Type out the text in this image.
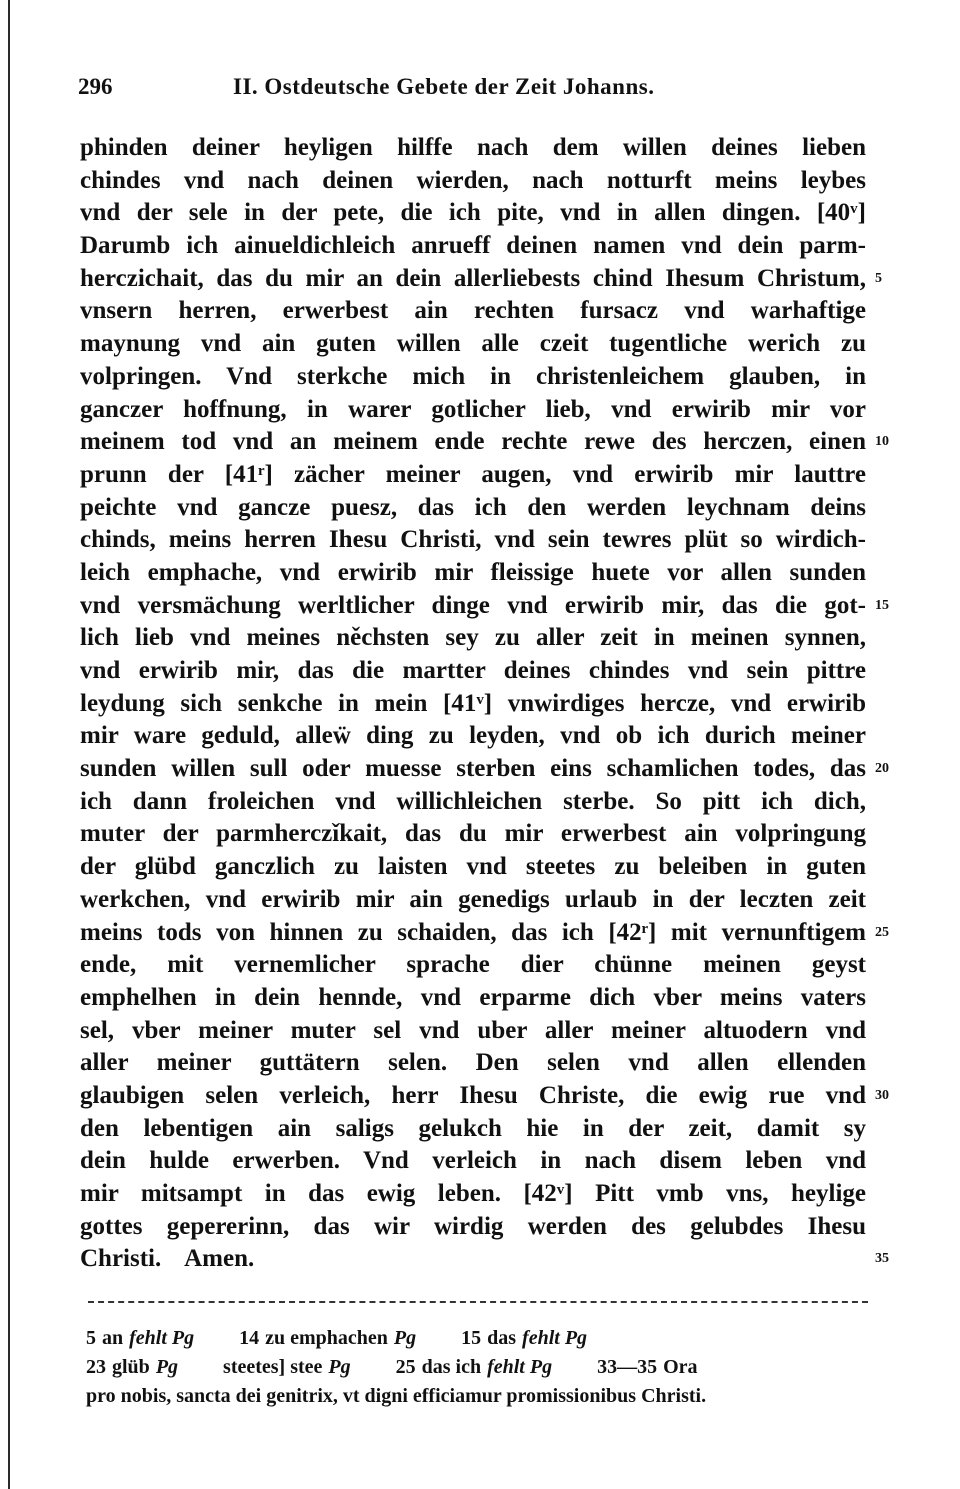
296	II. Ostdeutsche Gebete der Zeit Johanns.
phinden deiner heyligen hilffe nach dem willen deines lieben
chindes vnd nach deinen wierden, nach notturft meins leybes
vnd der sele in der pete, die ich pite, vnd in allen dingen. [40ᵛ]
Darumb ich ainueldichleich anrueff deinen namen vnd dein parm-
herczichait, das du mir an dein allerliebests chind Ihesum Christum, 5
vnsern herren, erwerbest ain rechten fursacz vnd warhaftige
maynung vnd ain guten willen alle czeit tugentliche werich zu
volpringen. Vnd sterkche mich in christenleichem glauben, in
ganczer hoffnung, in warer gotlicher lieb, vnd erwirib mir vor
meinem tod vnd an meinem ende rechte rewe des herczen, einen 10
prunn der [41ʳ] zächer meiner augen, vnd erwirib mir lauttre
peichte vnd gancze puesz, das ich den werden leychnam deins
chinds, meins herren Ihesu Christi, vnd sein tewres plüt so wirdich-
leich emphache, vnd erwirib mir fleissige huete vor allen sunden
vnd versmächung werltlicher dinge vnd erwirib mir, das die got- 15
lich lieb vnd meines něchsten sey zu aller zeit in meinen synnen,
vnd erwirib mir, das die martter deines chindes vnd sein pittre
leydung sich senkche in mein [41ᵛ] vnwirdiges hercze, vnd erwirib
mir ware geduld, alleẅ ding zu leyden, vnd ob ich durich meiner
sunden willen sull oder muesse sterben eins schamlichen todes, das 20
ich dann froleichen vnd willichleichen sterbe. So pitt ich dich,
muter der parmherczǐkait, das du mir erwerbest ain volpringung
der glübd ganczlich zu laisten vnd steetes zu beleiben in guten
werkchen, vnd erwirib mir ain genedigs urlaub in der leczten zeit
meins tods von hinnen zu schaiden, das ich [42ʳ] mit vernunftigem 25
ende, mit vernemlicher sprache dier chünne meinen geyst
emphelhen in dein hennde, vnd erparme dich vber meins vaters
sel, vber meiner muter sel vnd uber aller meiner altuodern vnd
aller meiner guttätern selen. Den selen vnd allen ellenden
glaubigen selen verleich, herr Ihesu Christe, die ewig rue vnd 30
den lebentigen ain saligs gelukch hie in der zeit, damit sy
dein hulde erwerben. Vnd verleich in nach disem leben vnd
mir mitsampt in das ewig leben. [42ᵛ] Pitt vmb vns, heylige
gottes gepererinn, das wir wirdig werden des gelubdes Ihesu
Christi. Amen.	35
5 an fehlt Pg 14 zu emphachen Pg 15 das fehlt Pg
23 glüb Pg steetes] stee Pg 25 das ich fehlt Pg 33—35 Ora
pro nobis, sancta dei genitrix, vt digni efficiamur promissionibus Christi.
